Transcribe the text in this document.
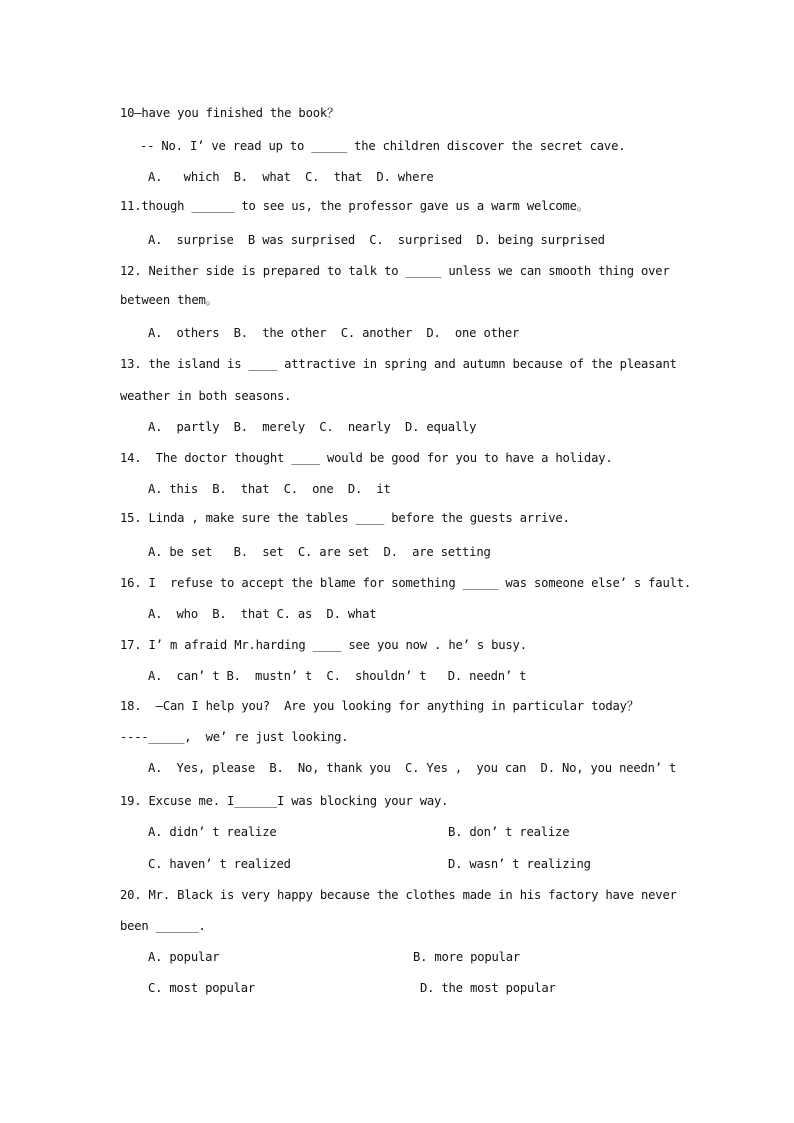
10—have you finished the book？
-- No. I’ ve read up to _____ the children discover the secret cave.
A.   which  B.  what  C.  that  D. where
11.though ______ to see us, the professor gave us a warm welcome。
A.  surprise  B was surprised  C.  surprised  D. being surprised
12. Neither side is prepared to talk to _____ unless we can smooth thing over
between them。
A.  others  B.  the other  C. another  D.  one other
13. the island is ____ attractive in spring and autumn because of the pleasant
weather in both seasons.
A.  partly  B.  merely  C.  nearly  D. equally
14.  The doctor thought ____ would be good for you to have a holiday.
A. this  B.  that  C.  one  D.  it
15. Linda , make sure the tables ____ before the guests arrive.
A. be set   B.  set  C. are set  D.  are setting
16. I  refuse to accept the blame for something _____ was someone else’ s fault.
A.  who  B.  that C. as  D. what
17. I’ m afraid Mr.harding ____ see you now . he’ s busy.
A.  can’ t B.  mustn’ t  C.  shouldn’ t   D. needn’ t
18.  ―Can I help you?  Are you looking for anything in particular today？
----_____,  we’ re just looking.
A.  Yes, please  B.  No, thank you  C. Yes ,  you can  D. No, you needn’ t
19. Excuse me. I______I was blocking your way.
A. didn’ t realize	B. don’ t realize
C. haven’ t realized	D. wasn’ t realizing
20. Mr. Black is very happy because the clothes made in his factory have never
been ______.
A. popular	B. more popular
C. most popular	D. the most popular
